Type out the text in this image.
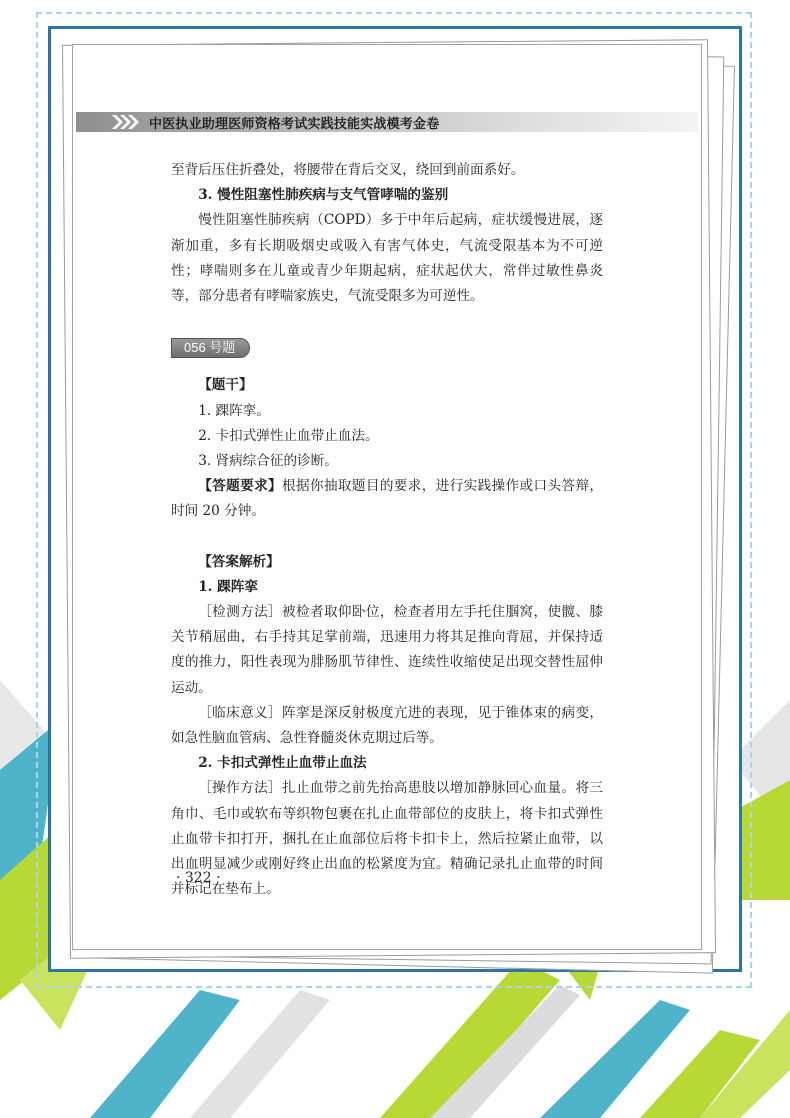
中医执业助理医师资格考试实践技能实战模考金卷

至背后压住折叠处，将腰带在背后交叉，绕回到前面系好。

3. 慢性阻塞性肺疾病与支气管哮喘的鉴别

慢性阻塞性肺疾病（COPD）多于中年后起病，症状缓慢进展，逐渐加重，多有长期吸烟史或吸入有害气体史，气流受限基本为不可逆性；哮喘则多在儿童或青少年期起病，症状起伏大，常伴过敏性鼻炎等，部分患者有哮喘家族史，气流受限多为可逆性。

056 号题

【题干】

1. 踝阵挛。

2. 卡扣式弹性止血带止血法。

3. 肾病综合征的诊断。

【答题要求】根据你抽取题目的要求，进行实践操作或口头答辩，时间 20 分钟。

【答案解析】

1. 踝阵挛

［检测方法］被检者取仰卧位，检查者用左手托住腘窝，使髋、膝关节稍屈曲，右手持其足掌前端，迅速用力将其足推向背屈，并保持适度的推力，阳性表现为腓肠肌节律性、连续性收缩使足出现交替性屈伸运动。

［临床意义］阵挛是深反射极度亢进的表现，见于锥体束的病变，如急性脑血管病、急性脊髓炎休克期过后等。

2. 卡扣式弹性止血带止血法

［操作方法］扎止血带之前先抬高患肢以增加静脉回心血量。将三角巾、毛巾或软布等织物包裹在扎止血带部位的皮肤上，将卡扣式弹性止血带卡扣打开，捆扎在止血部位后将卡扣卡上，然后拉紧止血带，以出血明显减少或刚好终止出血的松紧度为宜。精确记录扎止血带的时间并标记在垫布上。

· 322 ·
